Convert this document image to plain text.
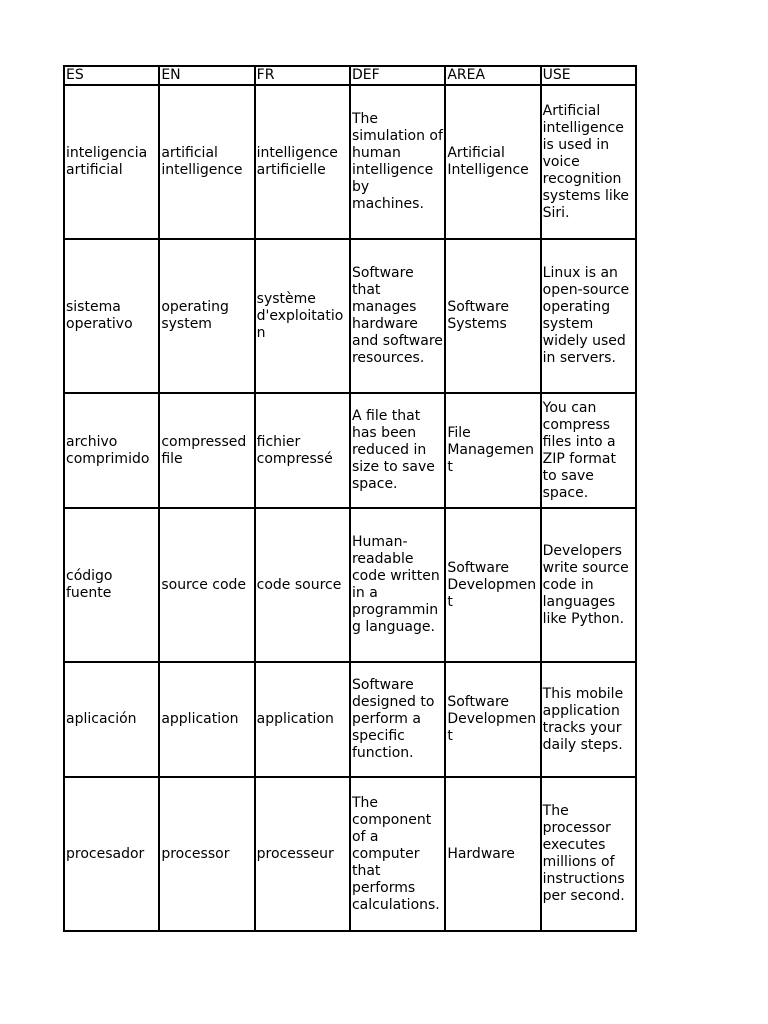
ES	EN	FR	DEF	AREA	USE
inteligencia artificial	artificial intelligence	intelligence artificielle	The simulation of human intelligence by machines.	Artificial Intelligence	Artificial intelligence is used in voice recognition systems like Siri.
sistema operativo	operating system	système d'exploitation	Software that manages hardware and software resources.	Software Systems	Linux is an open-source operating system widely used in servers.
archivo comprimido	compressed file	fichier compressé	A file that has been reduced in size to save space.	File Management	You can compress files into a ZIP format to save space.
código fuente	source code	code source	Human-readable code written in a programming language.	Software Development	Developers write source code in languages like Python.
aplicación	application	application	Software designed to perform a specific function.	Software Development	This mobile application tracks your daily steps.
procesador	processor	processeur	The component of a computer that performs calculations.	Hardware	The processor executes millions of instructions per second.
